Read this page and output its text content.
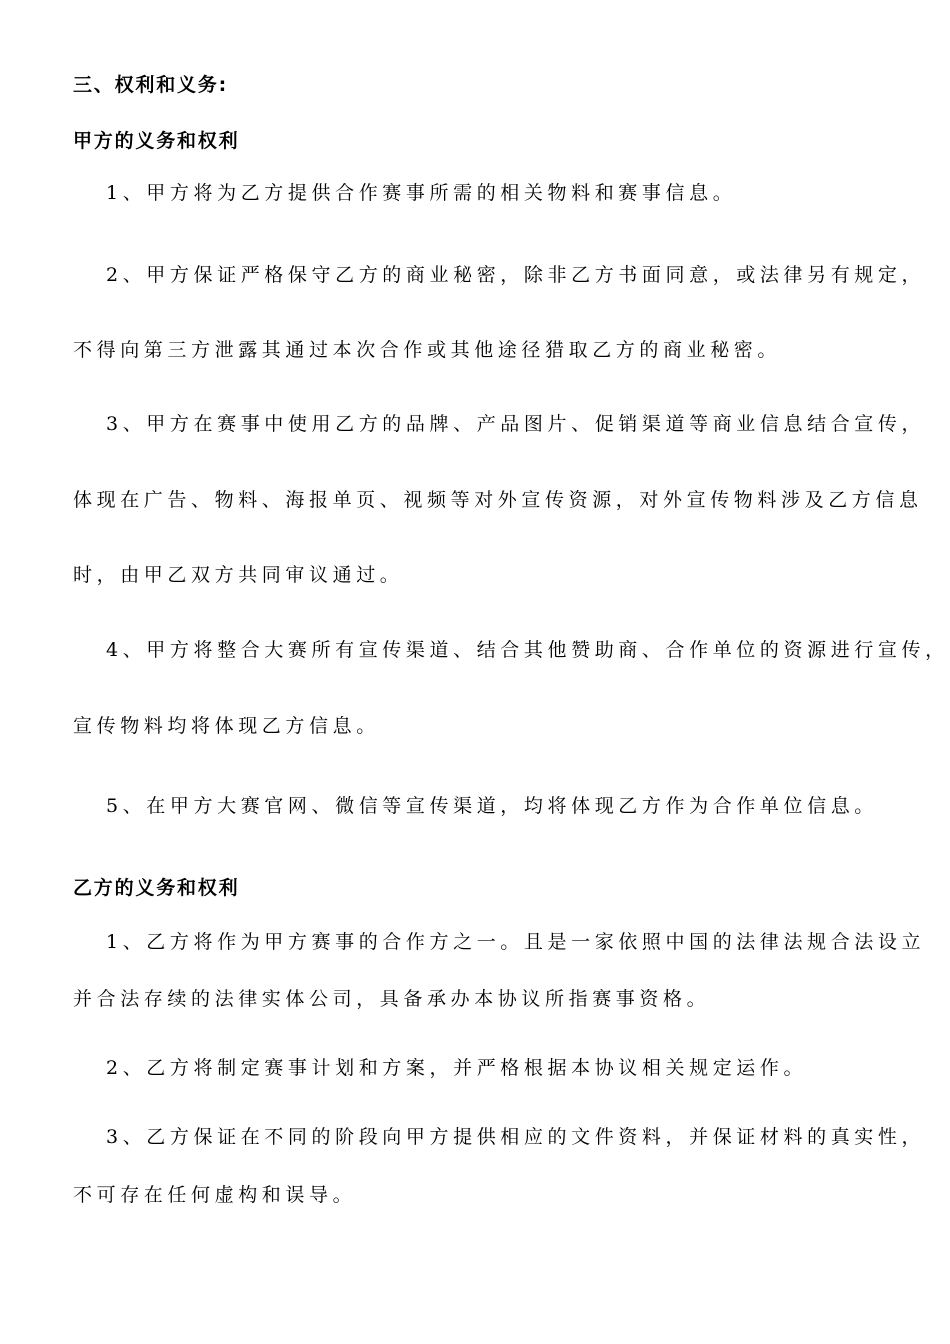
三、权利和义务:
甲方的义务和权利
1、甲方将为乙方提供合作赛事所需的相关物料和赛事信息。
2、甲方保证严格保守乙方的商业秘密，除非乙方书面同意，或法律另有规定，
不得向第三方泄露其通过本次合作或其他途径猎取乙方的商业秘密。
3、甲方在赛事中使用乙方的品牌、产品图片、促销渠道等商业信息结合宣传，
体现在广告、物料、海报单页、视频等对外宣传资源，对外宣传物料涉及乙方信息
时，由甲乙双方共同审议通过。
4、甲方将整合大赛所有宣传渠道、结合其他赞助商、合作单位的资源进行宣传，
宣传物料均将体现乙方信息。
5、在甲方大赛官网、微信等宣传渠道，均将体现乙方作为合作单位信息。
乙方的义务和权利
1、乙方将作为甲方赛事的合作方之一。且是一家依照中国的法律法规合法设立
并合法存续的法律实体公司，具备承办本协议所指赛事资格。
2、乙方将制定赛事计划和方案，并严格根据本协议相关规定运作。
3、乙方保证在不同的阶段向甲方提供相应的文件资料，并保证材料的真实性，
不可存在任何虚构和误导。
